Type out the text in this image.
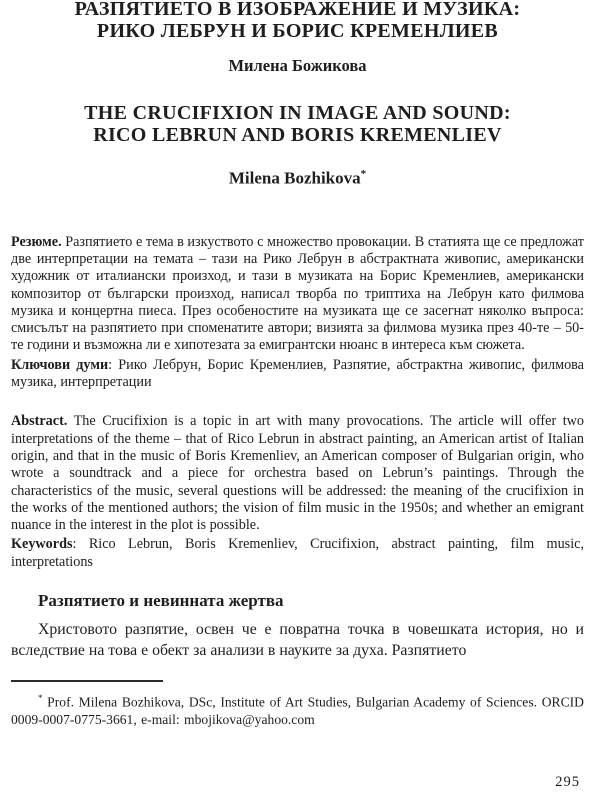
РАЗПЯТИЕТО В ИЗОБРАЖЕНИЕ И МУЗИКА:
РИКО ЛЕБРУН И БОРИС КРЕМЕНЛИЕВ

Милена Божикова

THE CRUCIFIXION IN IMAGE AND SOUND:
RICO LEBRUN AND BORIS KREMENLIEV

Milena Bozhikova*

Резюме. Разпятието е тема в изкуството с множество провокации. В статията ще се предложат две интерпретации на темата – тази на Рико Лебрун в абстрактната живопис, американски художник от италиански произход, и тази в музиката на Борис Кременлиев, американски композитор от български произход, написал творба по триптиха на Лебрун като филмова музика и концертна пиеса. През особеностите на музиката ще се засегнат няколко въпроса: смисълът на разпятието при споменатите автори; визията за филмова музика през 40-те – 50-те години и възможна ли е хипотезата за емигрантски нюанс в интереса към сюжета.

Ключови думи: Рико Лебрун, Борис Кременлиев, Разпятие, абстрактна живопис, филмова музика, интерпретации

Abstract. The Crucifixion is a topic in art with many provocations. The article will offer two interpretations of the theme – that of Rico Lebrun in abstract painting, an American artist of Italian origin, and that in the music of Boris Kremenliev, an American composer of Bulgarian origin, who wrote a soundtrack and a piece for orchestra based on Lebrun’s paintings. Through the characteristics of the music, several questions will be addressed: the meaning of the crucifixion in the works of the mentioned authors; the vision of film music in the 1950s; and whether an emigrant nuance in the interest in the plot is possible.

Keywords: Rico Lebrun, Boris Kremenliev, Crucifixion, abstract painting, film music, interpretations

Разпятието и невинната жертва

Христовото разпятие, освен че е повратна точка в човешката история, но и вследствие на това е обект за анализи в науките за духа. Разпятието

* Prof. Milena Bozhikova, DSc, Institute of Art Studies, Bulgarian Academy of Sciences. ORCID 0009-0007-0775-3661, e-mail: mbojikova@yahoo.com

295
